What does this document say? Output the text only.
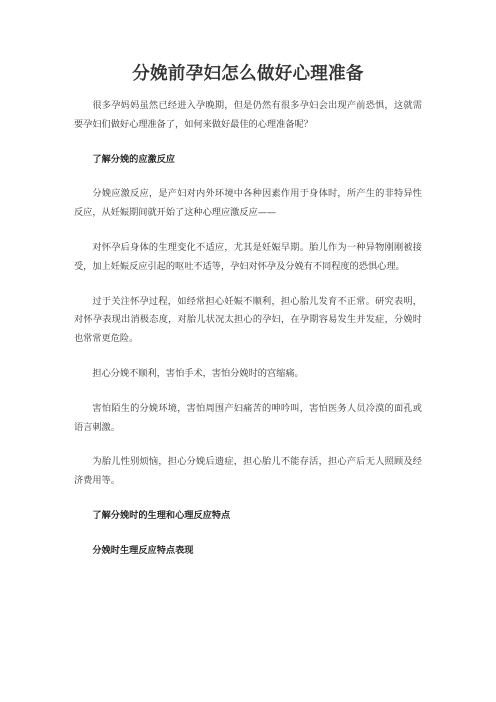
分娩前孕妇怎么做好心理准备

很多孕妈妈虽然已经进入孕晚期，但是仍然有很多孕妇会出现产前恐惧，这就需要孕妇们做好心理准备了，如何来做好最佳的心理准备呢？

了解分娩的应激反应

分娩应激反应，是产妇对内外环境中各种因素作用于身体时，所产生的非特异性反应，从妊娠期间就开始了这种心理应激反应——

对怀孕后身体的生理变化不适应，尤其是妊娠早期。胎儿作为一种异物刚刚被接受，加上妊娠反应引起的呕吐不适等，孕妇对怀孕及分娩有不同程度的恐惧心理。

过于关注怀孕过程，如经常担心妊娠不顺利，担心胎儿发育不正常。研究表明，对怀孕表现出消极态度，对胎儿状况太担心的孕妇，在孕期容易发生并发症，分娩时也常常更危险。

担心分娩不顺利，害怕手术，害怕分娩时的宫缩痛。

害怕陌生的分娩环境，害怕周围产妇痛苦的呻吟叫，害怕医务人员冷漠的面孔或语言刺激。

为胎儿性别烦恼，担心分娩后遗症，担心胎儿不能存活，担心产后无人照顾及经济费用等。

了解分娩时的生理和心理反应特点

分娩时生理反应特点表现
